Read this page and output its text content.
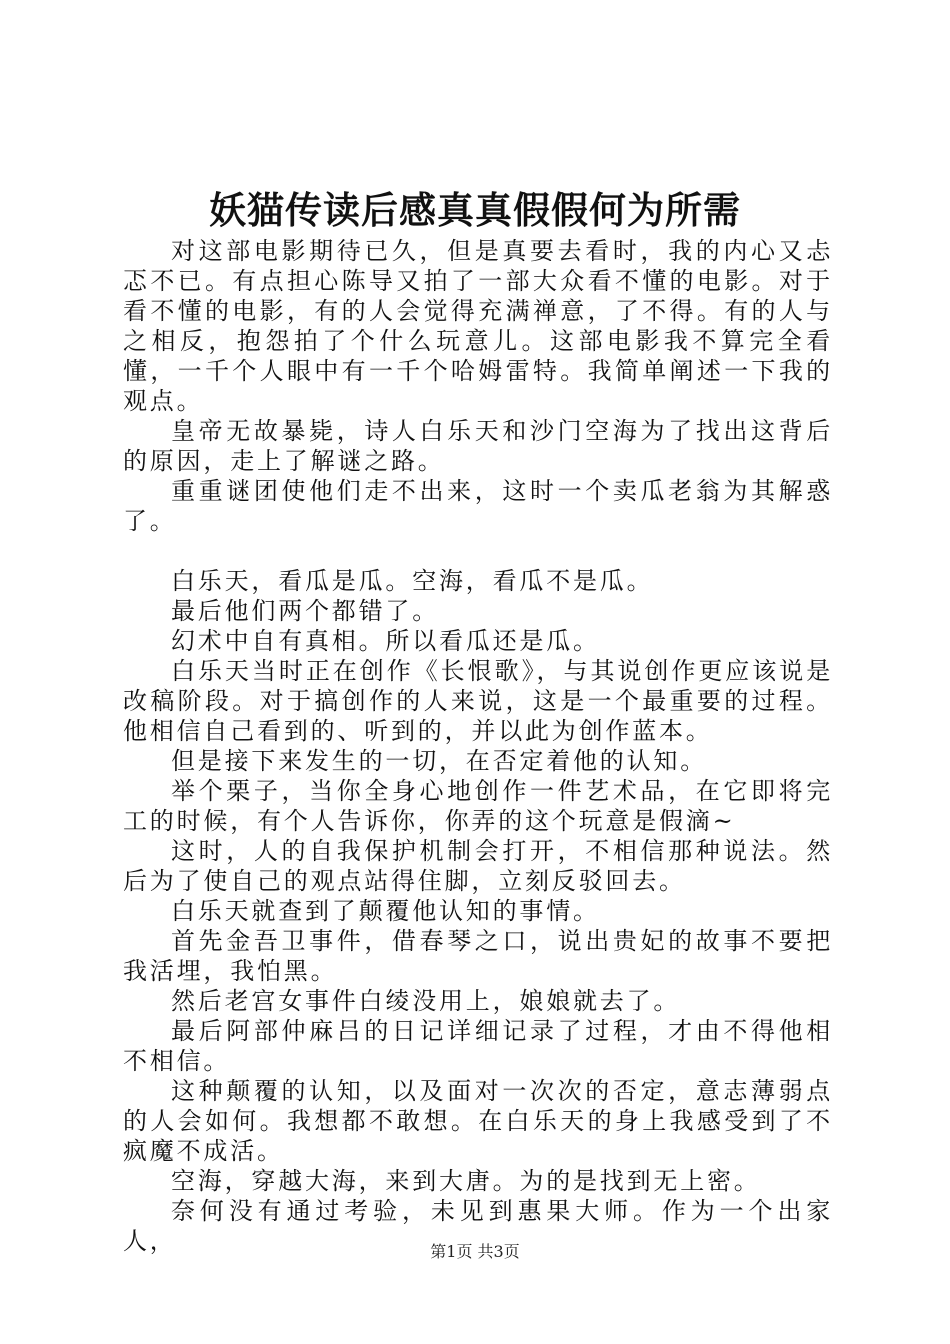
妖猫传读后感真真假假何为所需

对这部电影期待已久，但是真要去看时，我的内心又忐忑不已。有点担心陈导又拍了一部大众看不懂的电影。对于看不懂的电影，有的人会觉得充满禅意，了不得。有的人与之相反，抱怨拍了个什么玩意儿。这部电影我不算完全看懂，一千个人眼中有一千个哈姆雷特。我简单阐述一下我的观点。

皇帝无故暴毙，诗人白乐天和沙门空海为了找出这背后的原因，走上了解谜之路。

重重谜团使他们走不出来，这时一个卖瓜老翁为其解惑了。

白乐天，看瓜是瓜。空海，看瓜不是瓜。

最后他们两个都错了。

幻术中自有真相。所以看瓜还是瓜。

白乐天当时正在创作《长恨歌》，与其说创作更应该说是改稿阶段。对于搞创作的人来说，这是一个最重要的过程。他相信自己看到的、听到的，并以此为创作蓝本。

但是接下来发生的一切，在否定着他的认知。

举个栗子，当你全身心地创作一件艺术品，在它即将完工的时候，有个人告诉你，你弄的这个玩意是假滴~

这时，人的自我保护机制会打开，不相信那种说法。然后为了使自己的观点站得住脚，立刻反驳回去。

白乐天就查到了颠覆他认知的事情。

首先金吾卫事件，借春琴之口，说出贵妃的故事不要把我活埋，我怕黑。

然后老宫女事件白绫没用上，娘娘就去了。

最后阿部仲麻吕的日记详细记录了过程，才由不得他相不相信。

这种颠覆的认知，以及面对一次次的否定，意志薄弱点的人会如何。我想都不敢想。在白乐天的身上我感受到了不疯魔不成活。

空海，穿越大海，来到大唐。为的是找到无上密。

奈何没有通过考验，未见到惠果大师。作为一个出家人，	第1页 共3页
